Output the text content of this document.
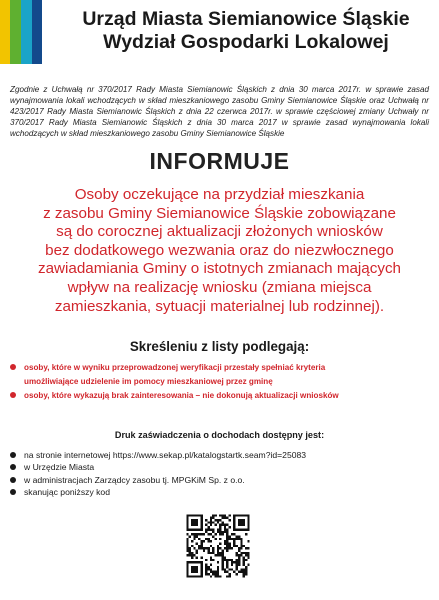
Urząd Miasta Siemianowice Śląskie
Wydział Gospodarki Lokalowej
Zgodnie z Uchwałą nr 370/2017 Rady Miasta Siemianowic Śląskich z dnia 30 marca 2017r. w sprawie zasad wynajmowania lokali wchodzących w skład mieszkaniowego zasobu Gminy Siemianowice Śląskie oraz Uchwałą nr 423/2017 Rady Miasta Siemianowic Śląskich z dnia 22 czerwca 2017r. w sprawie częściowej zmiany Uchwały nr 370/2017 Rady Miasta Siemianowic Śląskich z dnia 30 marca 2017 w sprawie zasad wynajmowania lokali wchodzących w skład mieszkaniowego zasobu Gminy Siemianowice Śląskie
INFORMUJE
Osoby oczekujące na przydział mieszkania
z zasobu Gminy Siemianowice Śląskie zobowiązane
są do corocznej aktualizacji złożonych wniosków
bez dodatkowego wezwania oraz do niezwłocznego
zawiadamiania Gminy o istotnych zmianach mających
wpływ na realizację wniosku (zmiana miejsca
zamieszkania, sytuacji materialnej lub rodzinnej).
Skreśleniu z listy podlegają:
osoby, które w wyniku przeprowadzonej weryfikacji przestały spełniać kryteria
umożliwiające udzielenie im pomocy mieszkaniowej przez gminę
osoby, które wykazują brak zainteresowania – nie dokonują aktualizacji wniosków
Druk zaświadczenia o dochodach dostępny jest:
na stronie internetowej https://www.sekap.pl/katalogstartk.seam?id=25083
w Urzędzie Miasta
w administracjach Zarządcy zasobu tj. MPGKiM Sp. z o.o.
skanując poniższy kod
